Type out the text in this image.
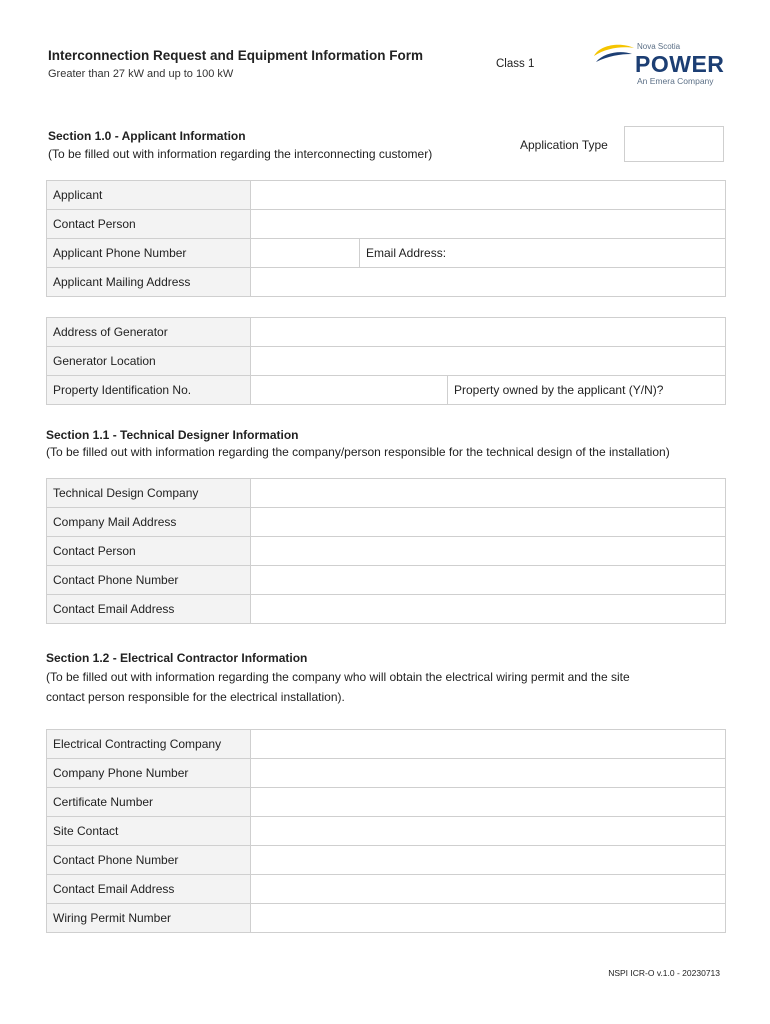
Interconnection Request and Equipment Information Form
Greater than 27 kW and up to 100 kW
Class 1
Nova Scotia
POWER
An Emera Company
Section 1.0 - Applicant Information
(To be filled out with information regarding the interconnecting customer)
Application Type
Applicant	
Contact Person	
Applicant Phone Number	Email Address:

Applicant Mailing Address	
Address of Generator	
Generator Location	
Property Identification No.	Property owned by the applicant (Y/N)?
Section 1.1 - Technical Designer Information
(To be filled out with information regarding the company/person responsible for the technical design of the installation)
Technical Design Company	
Company Mail Address	
Contact Person	
Contact Phone Number	
Contact Email Address	
Section 1.2 - Electrical Contractor Information
(To be filled out with information regarding the company who will obtain the electrical wiring permit and the site
contact person responsible for the electrical installation).
Electrical Contracting Company	
Company Phone Number	
Certificate Number	
Site Contact	
Contact Phone Number	
Contact Email Address	
Wiring Permit Number	
NSPI ICR-O v.1.0 - 20230713
